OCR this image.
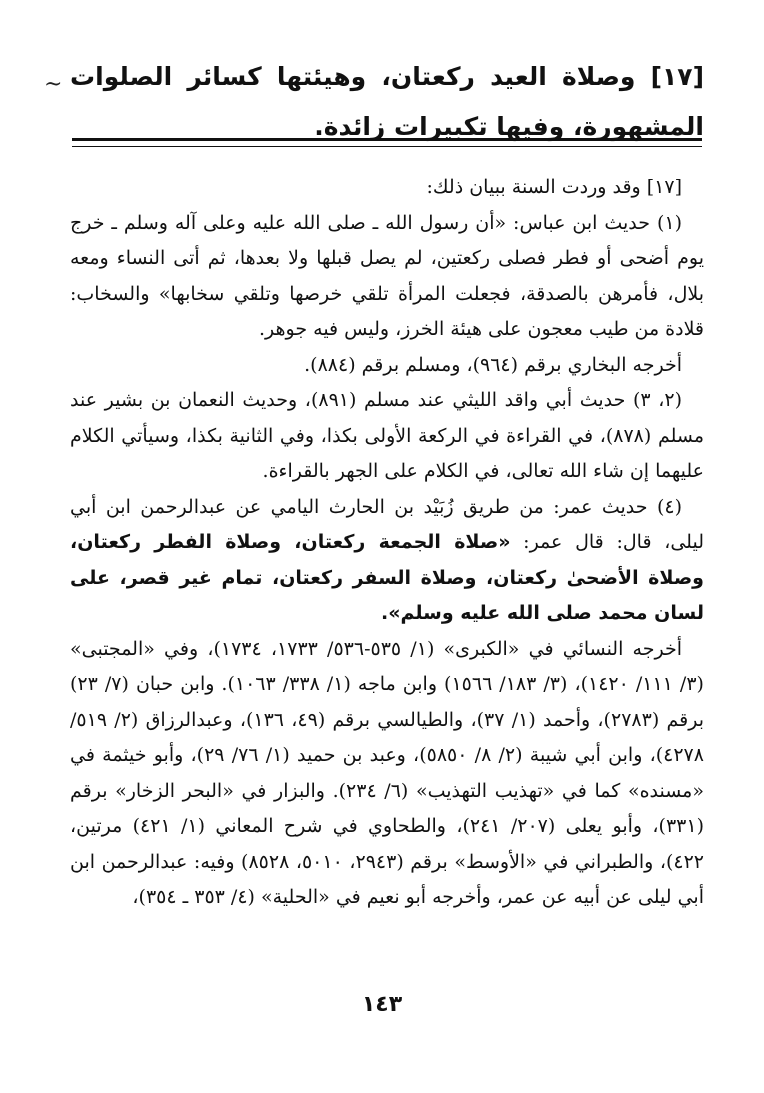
~ [١٧] وصلاة العيد ركعتان، وهيئتها كسائر الصلوات المشهورة، وفيها تكبيرات زائدة.

[١٧] وقد وردت السنة ببيان ذلك:

(١) حديث ابن عباس: «أن رسول الله ـ صلى الله عليه وعلى آله وسلم ـ خرج يوم أضحى أو فطر فصلى ركعتين، لم يصل قبلها ولا بعدها، ثم أتى النساء ومعه بلال، فأمرهن بالصدقة، فجعلت المرأة تلقي خرصها وتلقي سخابها» والسخاب: قلادة من طيب معجون على هيئة الخرز، وليس فيه جوهر.

أخرجه البخاري برقم (٩٦٤)، ومسلم برقم (٨٨٤).

(٢، ٣) حديث أبي واقد الليثي عند مسلم (٨٩١)، وحديث النعمان بن بشير عند مسلم (٨٧٨)، في القراءة في الركعة الأولى بكذا، وفي الثانية بكذا، وسيأتي الكلام عليهما إن شاء الله تعالى، في الكلام على الجهر بالقراءة.

(٤) حديث عمر: من طريق زُبَيْد بن الحارث اليامي عن عبدالرحمن ابن أبي ليلى، قال: قال عمر: «صلاة الجمعة ركعتان، وصلاة الفطر ركعتان، وصلاة الأضحىٰ ركعتان، وصلاة السفر ركعتان، تمام غير قصر، على لسان محمد صلى الله عليه وسلم».

أخرجه النسائي في «الكبرى» (١/ ٥٣٥-٥٣٦/ ١٧٣٣، ١٧٣٤)، وفي «المجتبى» (٣/ ١١١/ ١٤٢٠)، (٣/ ١٨٣/ ١٥٦٦) وابن ماجه (١/ ٣٣٨/ ١٠٦٣). وابن حبان (٧/ ٢٣) برقم (٢٧٨٣)، وأحمد (١/ ٣٧)، والطيالسي برقم (٤٩، ١٣٦)، وعبدالرزاق (٢/ ٥١٩/ ٤٢٧٨)، وابن أبي شيبة (٢/ ٨/ ٥٨٥٠)، وعبد بن حميد (١/ ٧٦/ ٢٩)، وأبو خيثمة في «مسنده» كما في «تهذيب التهذيب» (٦/ ٢٣٤). والبزار في «البحر الزخار» برقم (٣٣١)، وأبو يعلى (٢٠٧/ ٢٤١)، والطحاوي في شرح المعاني (١/ ٤٢١) مرتين، ٤٢٢)، والطبراني في «الأوسط» برقم (٢٩٤٣، ٥٠١٠، ٨٥٢٨) وفيه: عبدالرحمن ابن أبي ليلى عن أبيه عن عمر، وأخرجه أبو نعيم في «الحلية» (٤/ ٣٥٣ ـ ٣٥٤)،

١٤٣
